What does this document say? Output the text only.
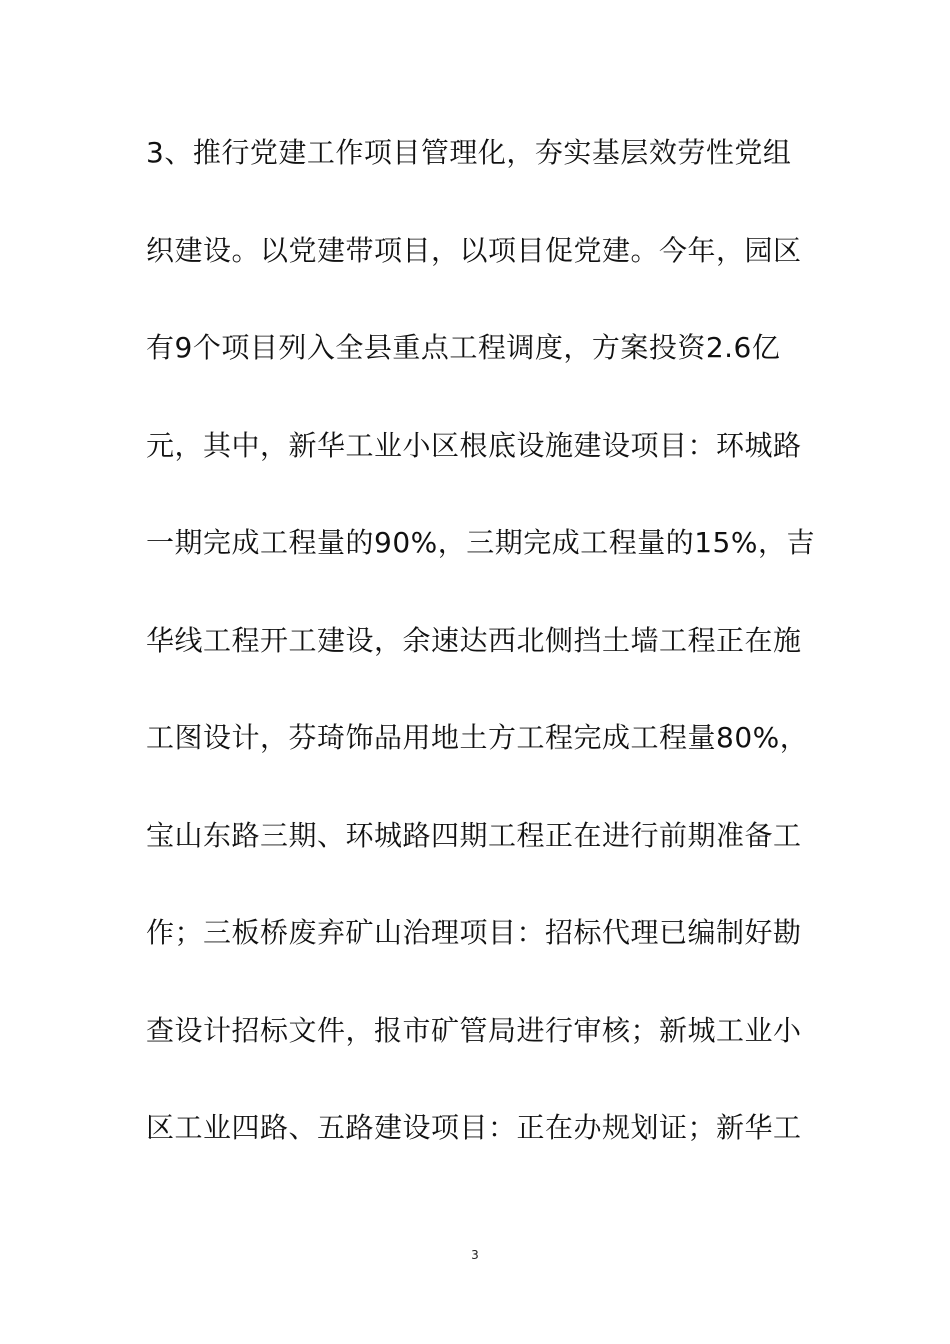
3、推行党建工作项目管理化，夯实基层效劳性党组
织建设。以党建带项目，以项目促党建。今年，园区
有9个项目列入全县重点工程调度，方案投资2.6亿
元，其中，新华工业小区根底设施建设项目：环城路
一期完成工程量的90%，三期完成工程量的15%，吉
华线工程开工建设，余速达西北侧挡土墙工程正在施
工图设计，芬琦饰品用地土方工程完成工程量80%，
宝山东路三期、环城路四期工程正在进行前期准备工
作；三板桥废弃矿山治理项目：招标代理已编制好勘
查设计招标文件，报市矿管局进行审核；新城工业小
区工业四路、五路建设项目：正在办规划证；新华工
3
